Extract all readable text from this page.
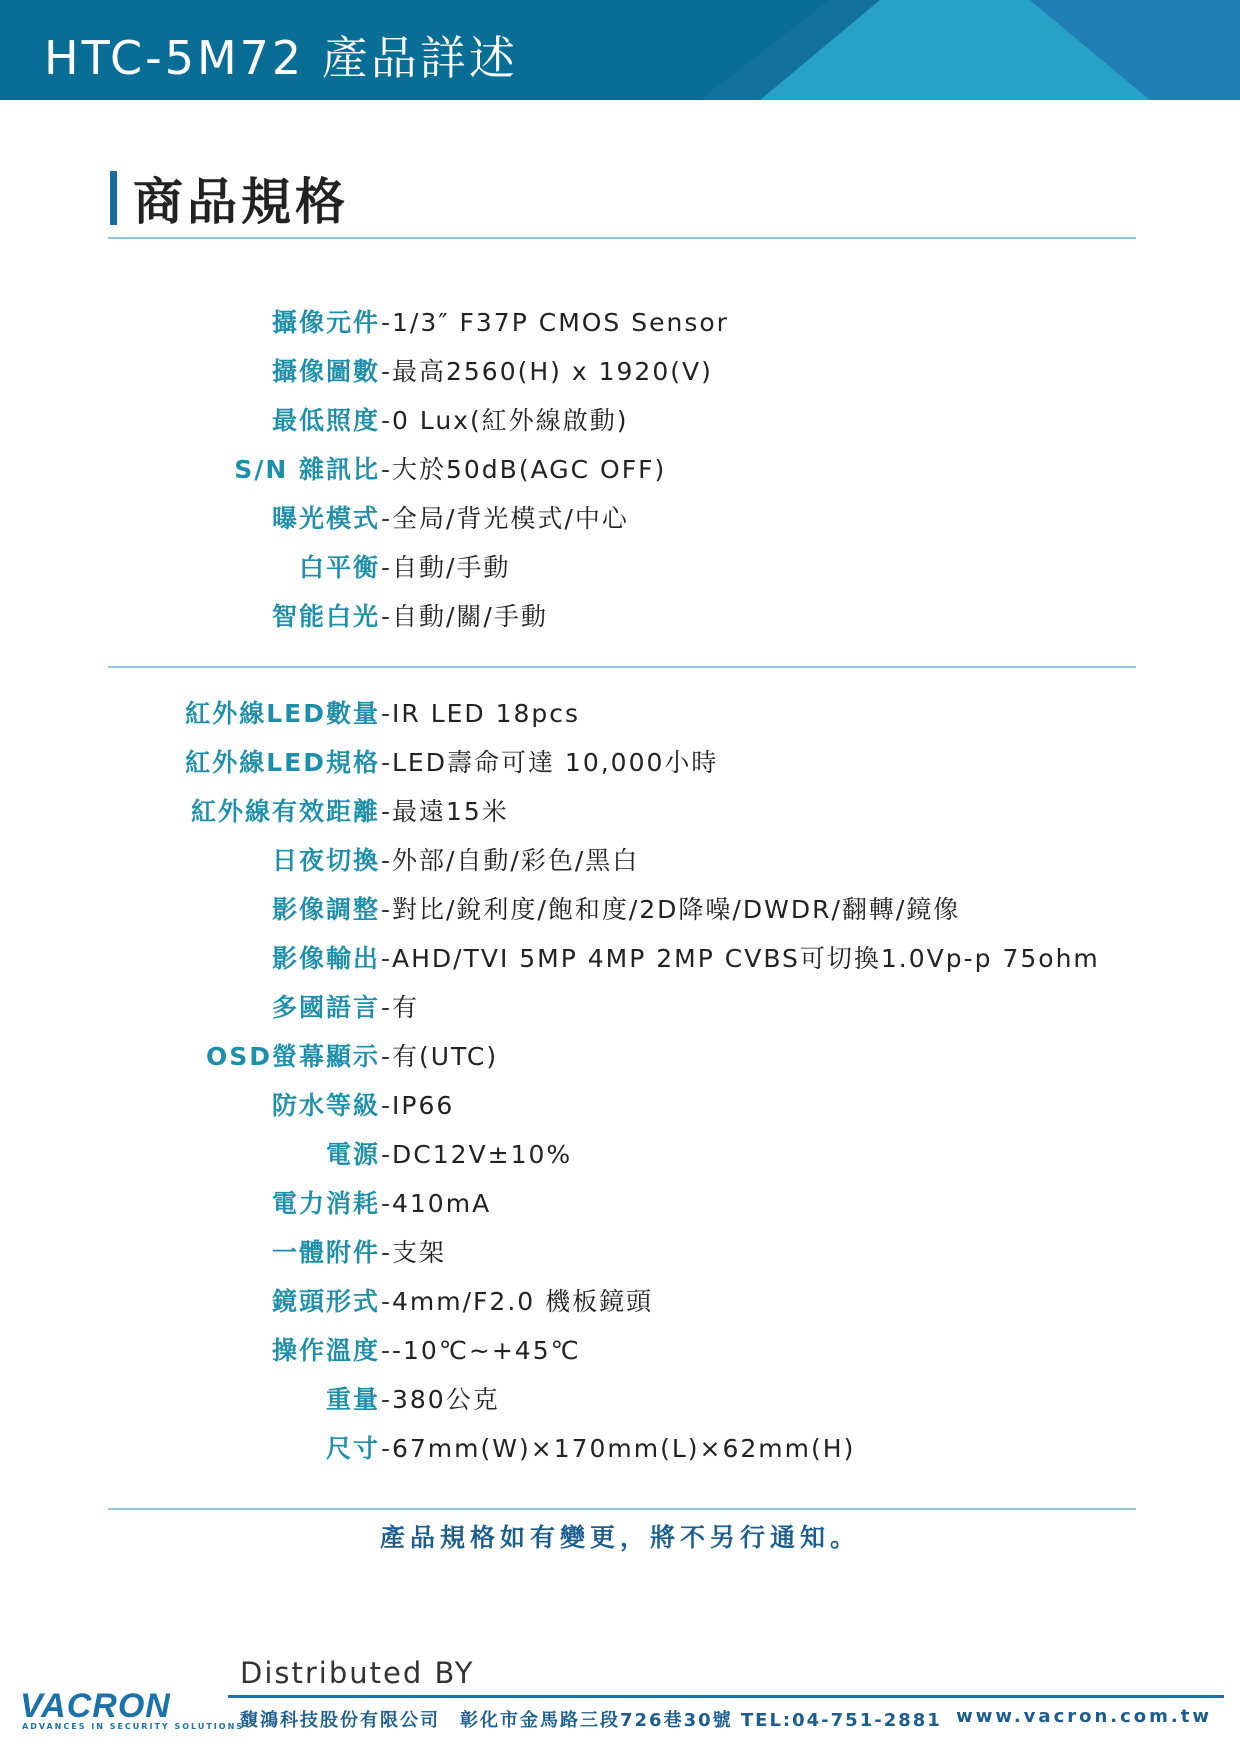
HTC-5M72 產品詳述
商品規格
攝像元件 - 1/3″ F37P CMOS Sensor
攝像圖數 - 最高2560(H) x 1920(V)
最低照度 - 0 Lux(紅外線啟動)
S/N 雜訊比 - 大於50dB(AGC OFF)
曝光模式 - 全局/背光模式/中心
白平衡 - 自動/手動
智能白光 - 自動/關/手動
紅外線LED數量 - IR LED 18pcs
紅外線LED規格 - LED壽命可達 10,000小時
紅外線有效距離 - 最遠15米
日夜切換 - 外部/自動/彩色/黑白
影像調整 - 對比/銳利度/飽和度/2D降噪/DWDR/翻轉/鏡像
影像輸出 - AHD/TVI 5MP 4MP 2MP CVBS可切換1.0Vp-p 75ohm
多國語言 - 有
OSD螢幕顯示 - 有(UTC)
防水等級 - IP66
電源 - DC12V±10%
電力消耗 - 410mA
一體附件 - 支架
鏡頭形式 - 4mm/F2.0 機板鏡頭
操作溫度 - -10℃~+45℃
重量 - 380公克
尺寸 - 67mm(W)×170mm(L)×62mm(H)
產品規格如有變更，將不另行通知。
Distributed BY
VACRON
ADVANCES IN SECURITY SOLUTIONS
馥鴻科技股份有限公司　彰化市金馬路三段726巷30號 TEL:04-751-2881 www.vacron.com.tw
